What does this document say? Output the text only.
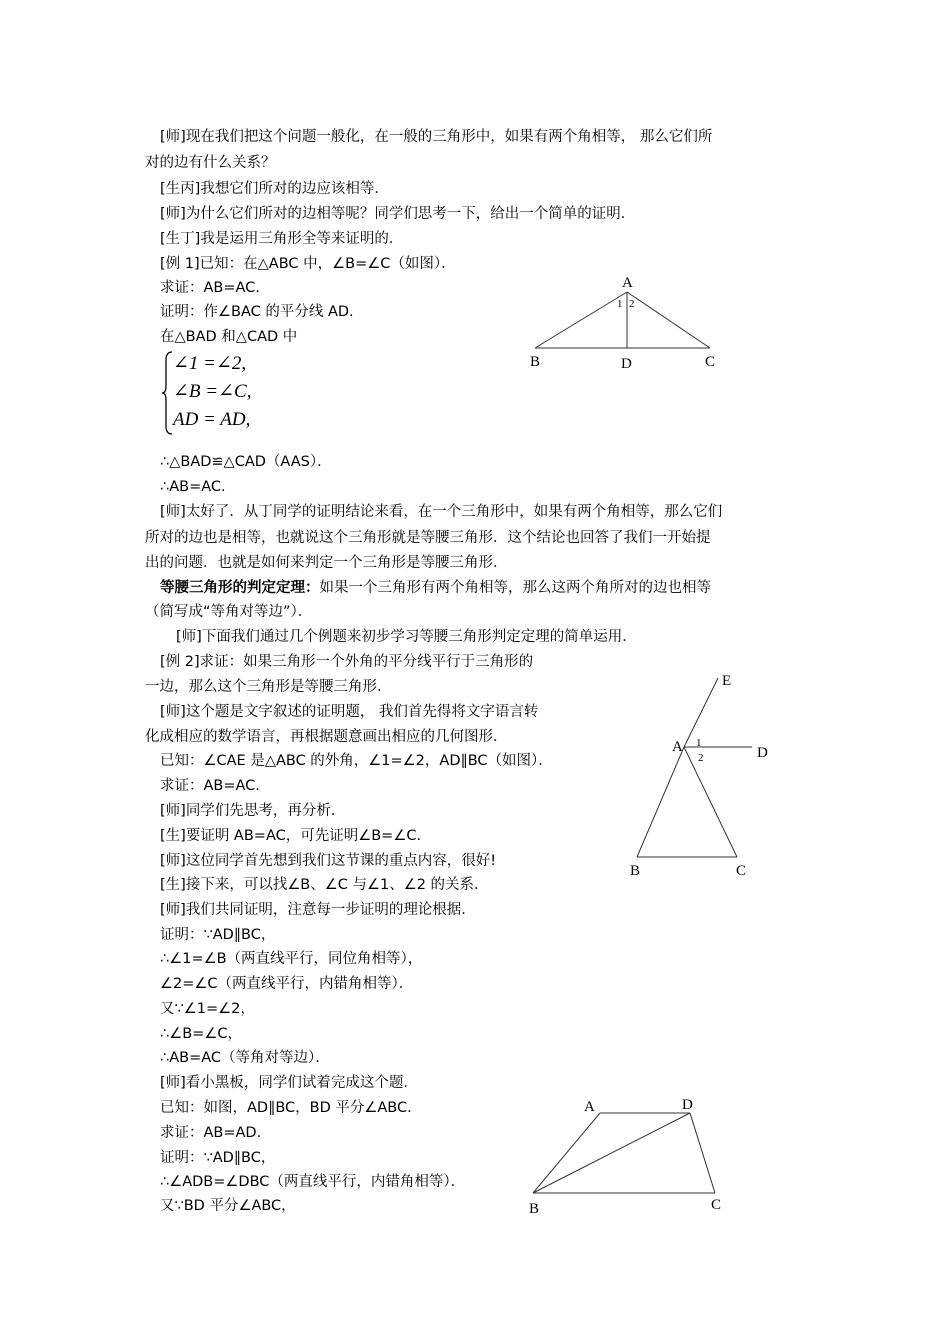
[师]现在我们把这个问题一般化，在一般的三角形中，如果有两个角相等， 那么它们所
对的边有什么关系？
[生丙]我想它们所对的边应该相等．
[师]为什么它们所对的边相等呢？同学们思考一下，给出一个简单的证明．
[生丁]我是运用三角形全等来证明的．
[例 1]已知：在△ABC 中，∠B=∠C（如图）．
求证：AB=AC.
证明：作∠BAC 的平分线 AD.
在△BAD 和△CAD 中
∠1 =∠2,
∠B =∠C,
AD = AD,
∴△BAD≌△CAD（AAS）．
∴AB=AC.
[师]太好了．从丁同学的证明结论来看，在一个三角形中，如果有两个角相等，那么它们
所对的边也是相等，也就说这个三角形就是等腰三角形．这个结论也回答了我们一开始提
出的问题．也就是如何来判定一个三角形是等腰三角形．
等腰三角形的判定定理：如果一个三角形有两个角相等，那么这两个角所对的边也相等
（简写成“等角对等边”）．
[师]下面我们通过几个例题来初步学习等腰三角形判定定理的简单运用．
[例 2]求证：如果三角形一个外角的平分线平行于三角形的
一边，那么这个三角形是等腰三角形．
[师]这个题是文字叙述的证明题， 我们首先得将文字语言转
化成相应的数学语言，再根据题意画出相应的几何图形．
已知：∠CAE 是△ABC 的外角，∠1=∠2，AD∥BC（如图）．
求证：AB=AC.
[师]同学们先思考，再分析．
[生]要证明 AB=AC，可先证明∠B=∠C.
[师]这位同学首先想到我们这节课的重点内容，很好!
[生]接下来，可以找∠B、∠C 与∠1、∠2 的关系．
[师]我们共同证明，注意每一步证明的理论根据．
证明：∵AD∥BC，
∴∠1=∠B（两直线平行，同位角相等），
∠2=∠C（两直线平行，内错角相等）．
又∵∠1=∠2，
∴∠B=∠C，
∴AB=AC（等角对等边）．
[师]看小黑板，同学们试着完成这个题．
已知：如图，AD∥BC，BD 平分∠ABC.
求证：AB=AD.
证明：∵AD∥BC，
∴∠ADB=∠DBC（两直线平行，内错角相等）．
又∵BD 平分∠ABC，
A
1 2
B	D	C
E
A 1
2	D
B	C
A	D
B	C
